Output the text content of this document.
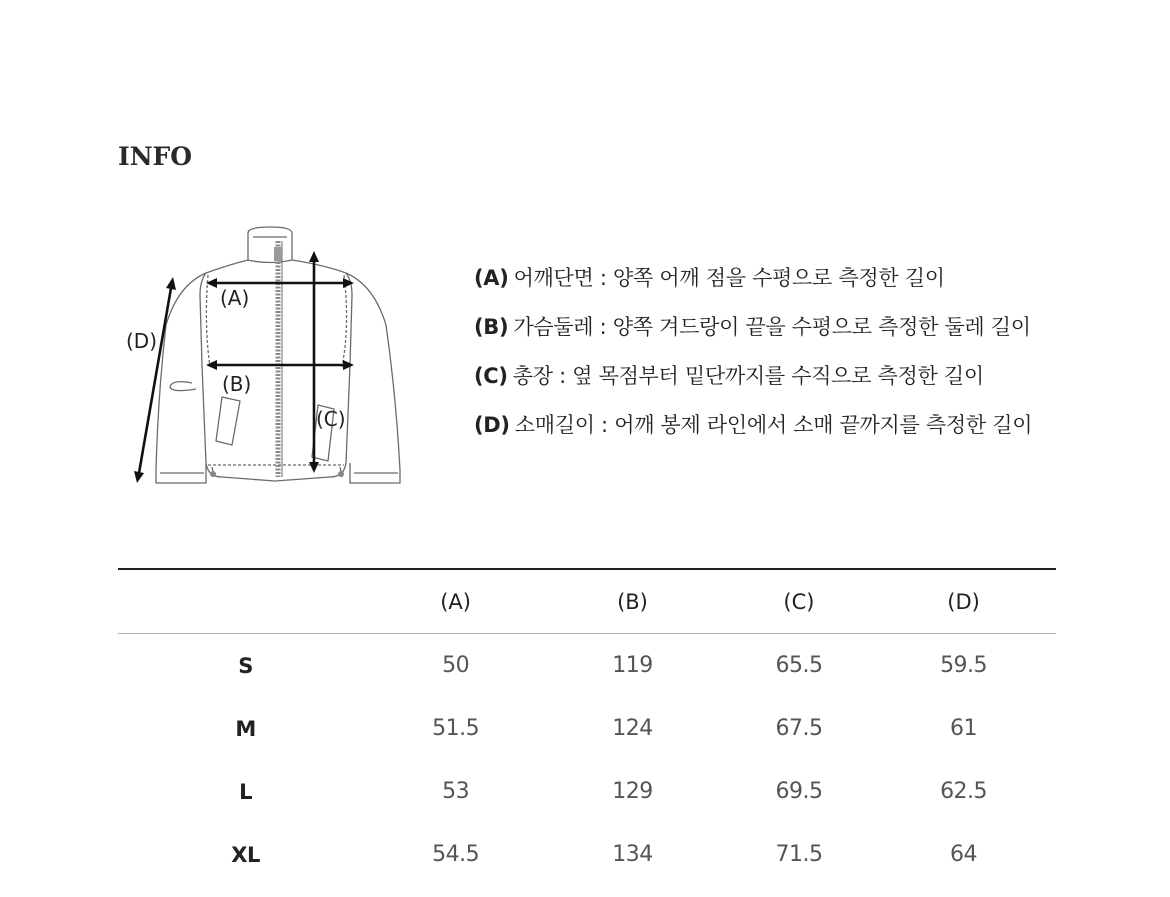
INFO
(A)
(B)
(C)
(D)
(A) 어깨단면 : 양쪽 어깨 점을 수평으로 측정한 길이
(B) 가슴둘레 : 양쪽 겨드랑이 끝을 수평으로 측정한 둘레 길이
(C) 총장 : 옆 목점부터 밑단까지를 수직으로 측정한 길이
(D) 소매길이 : 어깨 봉제 라인에서 소매 끝까지를 측정한 길이
	(A)	(B)	(C)	(D)
S	50	119	65.5	59.5
M	51.5	124	67.5	61
L	53	129	69.5	62.5
XL	54.5	134	71.5	64
